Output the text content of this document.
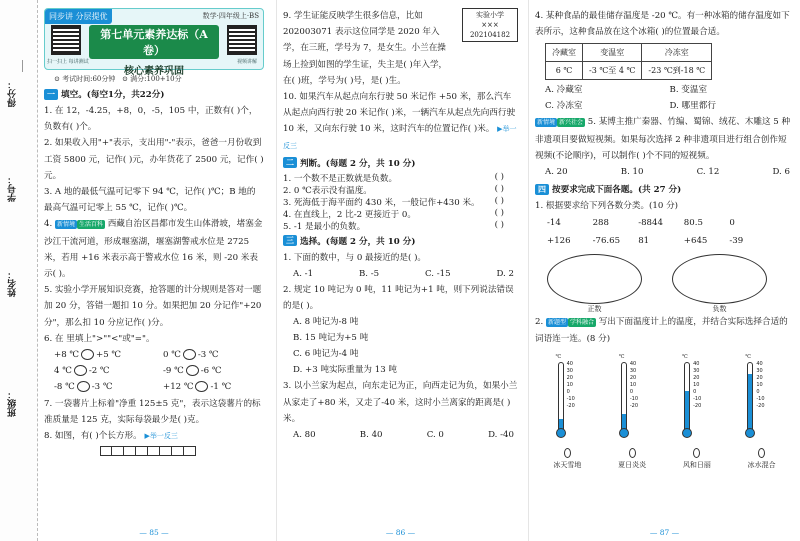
得分：
学号：
姓名：
班级：
同步讲 分层提优	数学·四年级上·BS
扫一扫上 每讲测试
第七单元素养达标（A卷）
核心素养巩固
视频讲解
⊙ 考试时间:60分钟   ⊙ 满分:100+10分
一 填空。(每空1分，共22分)

1. 在 12，-4.25，+8，0，-5，105 中，正数有( )个，负数有( )个。

2. 如果收入用"+"表示，支出用"-"表示，爸爸一月份收到工资 5800 元，记作( )元，办年货花了 2500 元，记作( )元。

3. A 地的最低气温可记零下 94 ℃，记作( )℃；B 地的最高气温可记零上 55 ℃，记作( )℃。

4. 新情境 生活百科 西藏自治区昌都市发生山体滑坡，堵塞金沙江干流河道，形成堰塞湖，堰塞湖警戒水位是 2725 米，若用 +16 米表示高于警戒水位 16 米，则 -20 米表示( )。

5. 实验小学开展知识竞赛，抢答题的计分规则是答对一题加 20 分，答错一题扣 10 分。如果把加 20 分记作"+20 分"，那么扣 10 分应记作( )分。

6. 在 里填上">""<"或"="。

+8 ℃ +5 ℃	0 ℃ -3 ℃
4 ℃ -2 ℃	-9 ℃ -6 ℃
-8 ℃ -3 ℃	+12 ℃ -1 ℃

7. 一袋薯片上标着"净重 125±5 克"，表示这袋薯片的标准质量是 125 克，实际每袋最少是( )克。

8. 如图，有( )个长方形。 ▶举一反三

— 85 —
实验小学
×××
202104182

9. 学生证能反映学生很多信息，比如 202003071 表示这位同学是 2020 年入学，在三班，学号为 7，是女生。小兰在操场上捡到如图的学生证，失主是( )年入学，在( )班，学号为( )号，是( )生。

10. 如果汽车从起点向东行驶 50 米记作 +50 米，那么汽车从起点向西行驶 20 米记作( )米，一辆汽车从起点先向西行驶 10 米，又向东行驶 10 米，这时汽车的位置记作( )米。 ▶举一反三

二 判断。(每题 2 分，共 10 分)
1. 一个数不是正数就是负数。	( )
2. 0 ℃表示没有温度。	( )
3. 死海低于海平面约 430 米，一般记作+430 米。 ( )
4. 在直线上，2 比-2 更接近于 0。	( )
5. -1 是最小的负数。	( )
三 选择。(每题 2 分，共 10 分)

1. 下面的数中，与 0 最接近的是( )。

A. -1	B. -5	C. -15	D. 2

2. 规定 10 吨记为 0 吨，11 吨记为+1 吨，则下列说法错误的是( )。

A. 8 吨记为-8 吨
B. 15 吨记为+5 吨
C. 6 吨记为-4 吨
D. +3 吨实际重量为 13 吨

3. 以小兰家为起点，向东走记为正，向西走记为负，如果小兰从家走了+80 米，又走了-40 米，这时小兰离家的距离是( )米。

A. 80	B. 40	C. 0	D. -40
— 86 —

4. 某种食品的最佳储存温度是 -20 ℃。有一种冰箱的储存温度如下表所示，这种食品放在这个冰箱( )的位置最合适。

冷藏室	变温室	冷冻室
6 ℃	-3 ℃至 4 ℃	-23 ℃到-18 ℃
A. 冷藏室	B. 变温室
C. 冷冻室	D. 哪里都行

新情境 新兴社会 5. 某博主推广秦器、竹编、蜀锦、绒花、木雕这 5 种非遗项目要做短视频。如果每次选择 2 种非遗项目进行组合创作短视频(不论顺序)，可以制作( )个不同的短视频。

A. 20	B. 10	C. 12	D. 6
四 按要求完成下面各题。(共 27 分)

1. 根据要求给下列各数分类。(10 分)

-14	288	-8844	80.5	0
+126	-76.65	81	+645	-39
正数	负数

2. 新题型 学科融合 写出下面温度计上的温度，并结合实际选择合适的词语连一连。(8 分)

℃
40
30
20
10
0
-10
-20
℃
40
30
20
10
0
-10
-20
℃
40
30
20
10
0
-10
-20
℃
40
30
20
10
0
-10
-20
冰天雪地	夏日炎炎	风和日丽	冰水混合
— 87 —
